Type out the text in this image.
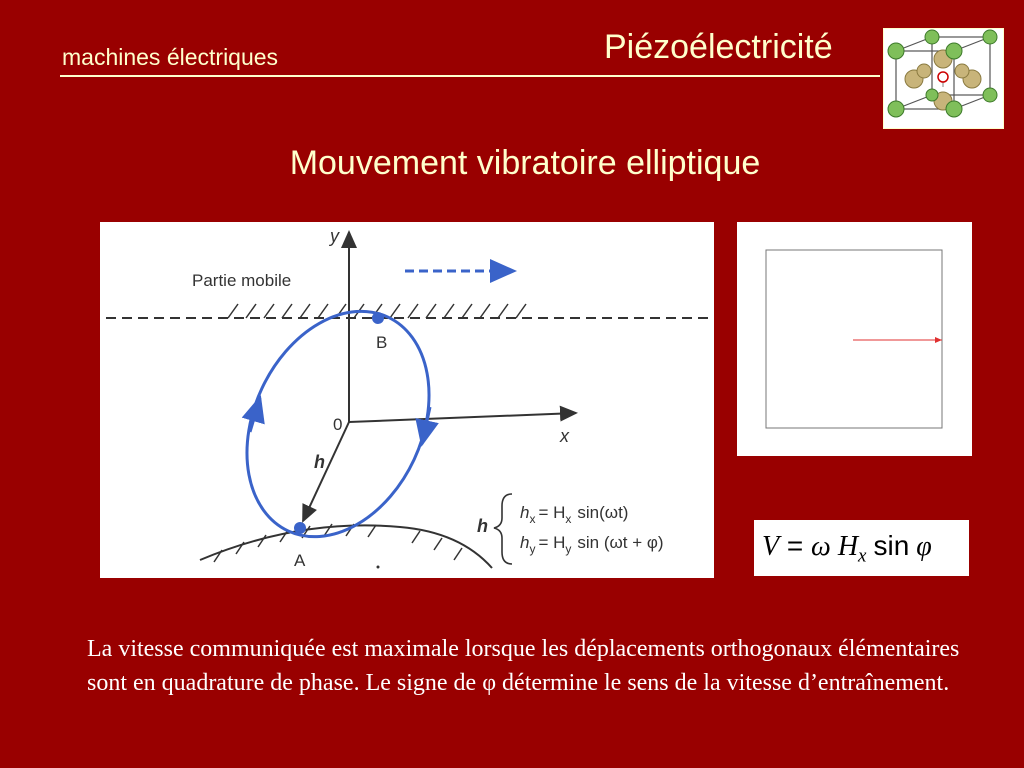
machines électriques	Piézoélectricité
Mouvement vibratoire elliptique
Partie mobile
y
x
0
h
B
A
h
$h_x = H_x$ sin(ωt)
$h_y = H_y$ sin (ωt + φ)	V = ω $H_x$ sin φ
La vitesse communiquée est maximale lorsque les déplacements orthogonaux élémentaires sont en quadrature de phase. Le signe de φ détermine le sens de la vitesse d’entraînement.
